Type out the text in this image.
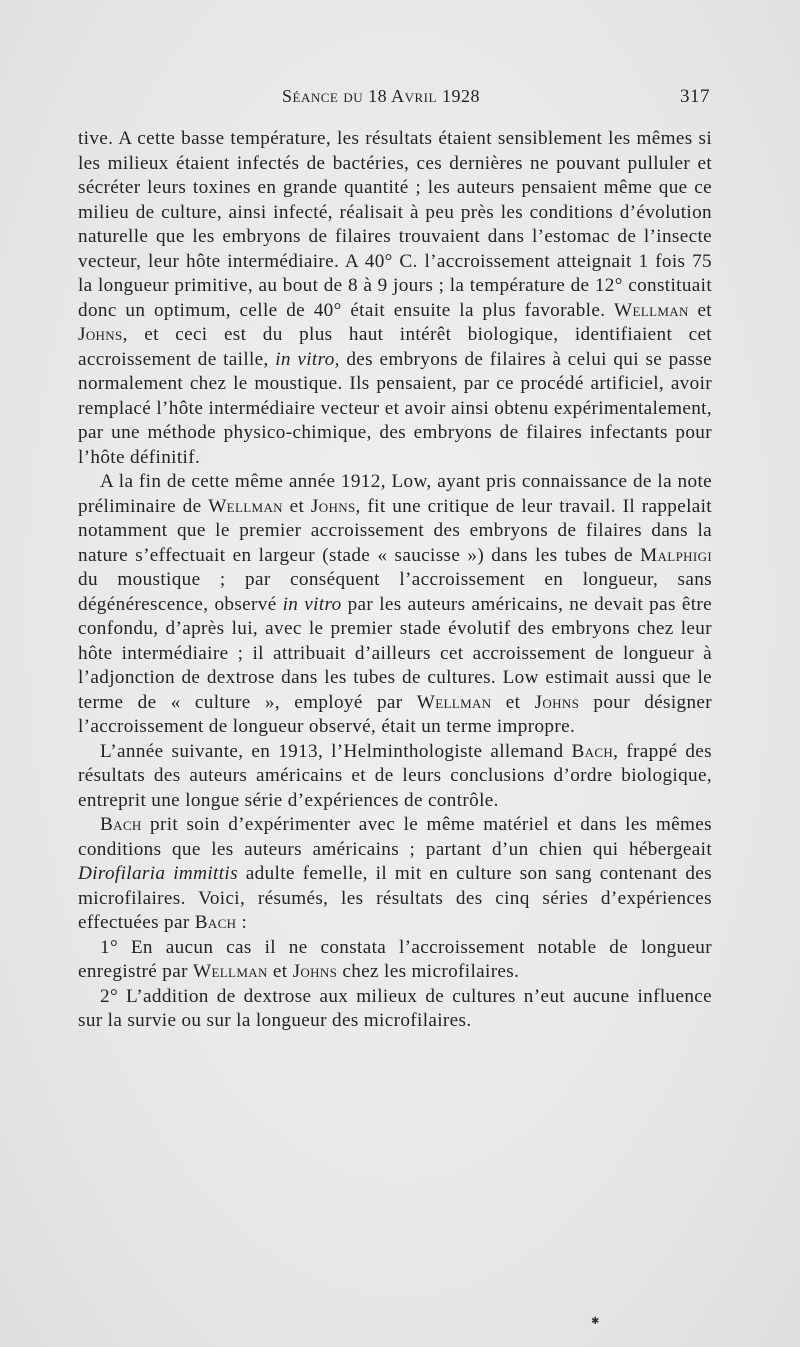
Séance du 18 Avril 1928	317

tive. A cette basse température, les résultats étaient sensiblement les mêmes si les milieux étaient infectés de bactéries, ces dernières ne pouvant pulluler et sécréter leurs toxines en grande quantité ; les auteurs pensaient même que ce milieu de culture, ainsi infecté, réalisait à peu près les conditions d’évolution naturelle que les embryons de filaires trouvaient dans l’estomac de l’insecte vecteur, leur hôte intermédiaire. A 40° C. l’accroissement atteignait 1 fois 75 la longueur primitive, au bout de 8 à 9 jours ; la température de 12° constituait donc un optimum, celle de 40° était ensuite la plus favorable. Wellman et Johns, et ceci est du plus haut intérêt biologique, identifiaient cet accroissement de taille, in vitro, des embryons de filaires à celui qui se passe normalement chez le moustique. Ils pensaient, par ce procédé artificiel, avoir remplacé l’hôte intermédiaire vecteur et avoir ainsi obtenu expérimentalement, par une méthode physico-chimique, des embryons de filaires infectants pour l’hôte définitif.

A la fin de cette même année 1912, Low, ayant pris connaissance de la note préliminaire de Wellman et Johns, fit une critique de leur travail. Il rappelait notamment que le premier accroissement des embryons de filaires dans la nature s’effectuait en largeur (stade « saucisse ») dans les tubes de Malphigi du moustique ; par conséquent l’accroissement en longueur, sans dégénérescence, observé in vitro par les auteurs américains, ne devait pas être confondu, d’après lui, avec le premier stade évolutif des embryons chez leur hôte intermédiaire ; il attribuait d’ailleurs cet accroissement de longueur à l’adjonction de dextrose dans les tubes de cultures. Low estimait aussi que le terme de « culture », employé par Wellman et Johns pour désigner l’accroissement de longueur observé, était un terme impropre.

L’année suivante, en 1913, l’Helminthologiste allemand Bach, frappé des résultats des auteurs américains et de leurs conclusions d’ordre biologique, entreprit une longue série d’expériences de contrôle.

Bach prit soin d’expérimenter avec le même matériel et dans les mêmes conditions que les auteurs américains ; partant d’un chien qui hébergeait Dirofilaria immittis adulte femelle, il mit en culture son sang contenant des microfilaires. Voici, résumés, les résultats des cinq séries d’expériences effectuées par Bach :

1° En aucun cas il ne constata l’accroissement notable de longueur enregistré par Wellman et Johns chez les microfilaires.

2° L’addition de dextrose aux milieux de cultures n’eut aucune influence sur la survie ou sur la longueur des microfilaires.

✱
